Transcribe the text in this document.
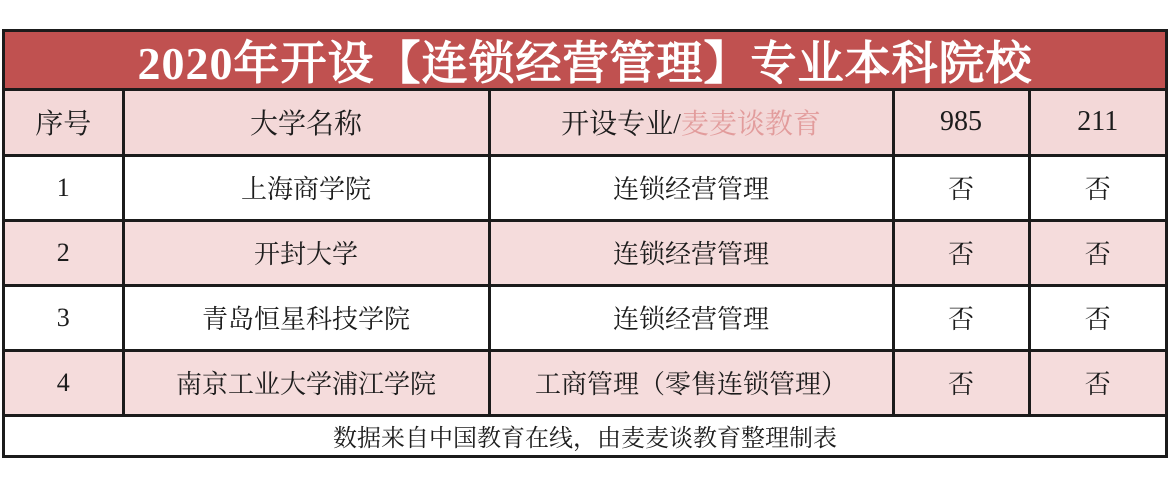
2020年开设【连锁经营管理】专业本科院校
序号	大学名称	开设专业/麦麦谈教育	985	211
1	上海商学院	连锁经营管理	否	否
2	开封大学	连锁经营管理	否	否
3	青岛恒星科技学院	连锁经营管理	否	否
4	南京工业大学浦江学院	工商管理（零售连锁管理）	否	否
数据来自中国教育在线，由麦麦谈教育整理制表				
